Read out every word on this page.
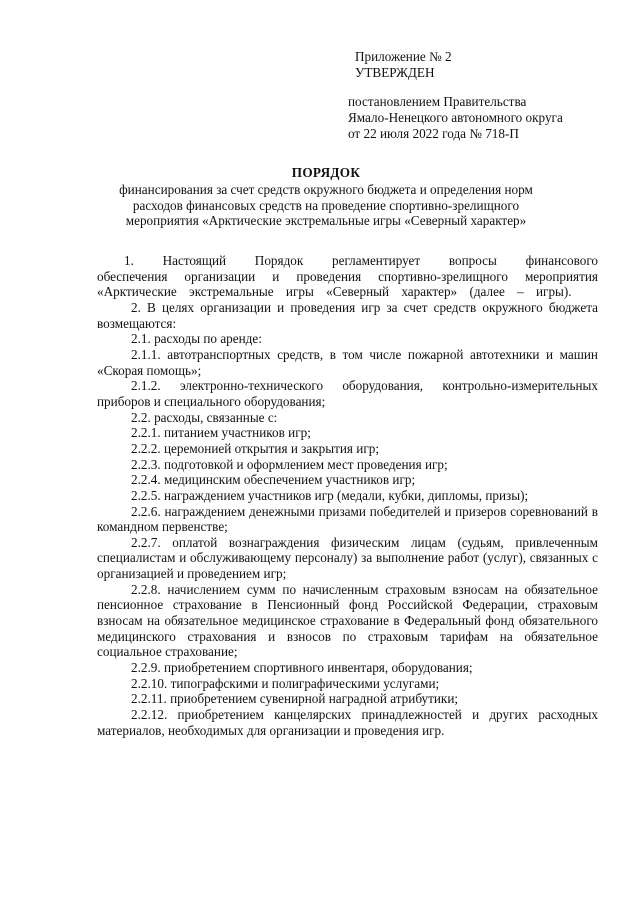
Приложение № 2
УТВЕРЖДЕН
постановлением Правительства
Ямало-Ненецкого автономного округа
от 22 июля 2022 года № 718-П
ПОРЯДОК
финансирования за счет средств окружного бюджета и определения норм
расходов финансовых средств на проведение спортивно-зрелищного
мероприятия «Арктические экстремальные игры «Северный характер»

1. Настоящий Порядок регламентирует вопросы финансового обеспечения организации и проведения спортивно-зрелищного мероприятия «Арктические экстремальные игры «Северный характер» (далее – игры).

2. В целях организации и проведения игр за счет средств окружного бюджета возмещаются:

2.1. расходы по аренде:

2.1.1. автотранспортных средств, в том числе пожарной автотехники и машин «Скорая помощь»;

2.1.2. электронно-технического оборудования, контрольно-измерительных приборов и специального оборудования;

2.2. расходы, связанные с:

2.2.1. питанием участников игр;

2.2.2. церемонией открытия и закрытия игр;

2.2.3. подготовкой и оформлением мест проведения игр;

2.2.4. медицинским обеспечением участников игр;

2.2.5. награждением участников игр (медали, кубки, дипломы, призы);

2.2.6. награждением денежными призами победителей и призеров соревнований в командном первенстве;

2.2.7. оплатой вознаграждения физическим лицам (судьям, привлеченным специалистам и обслуживающему персоналу) за выполнение работ (услуг), связанных с организацией и проведением игр;

2.2.8. начислением сумм по начисленным страховым взносам на обязательное пенсионное страхование в Пенсионный фонд Российской Федерации, страховым взносам на обязательное медицинское страхование в Федеральный фонд обязательного медицинского страхования и взносов по страховым тарифам на обязательное социальное страхование;

2.2.9. приобретением спортивного инвентаря, оборудования;

2.2.10. типографскими и полиграфическими услугами;

2.2.11. приобретением сувенирной наградной атрибутики;

2.2.12. приобретением канцелярских принадлежностей и других расходных материалов, необходимых для организации и проведения игр.
